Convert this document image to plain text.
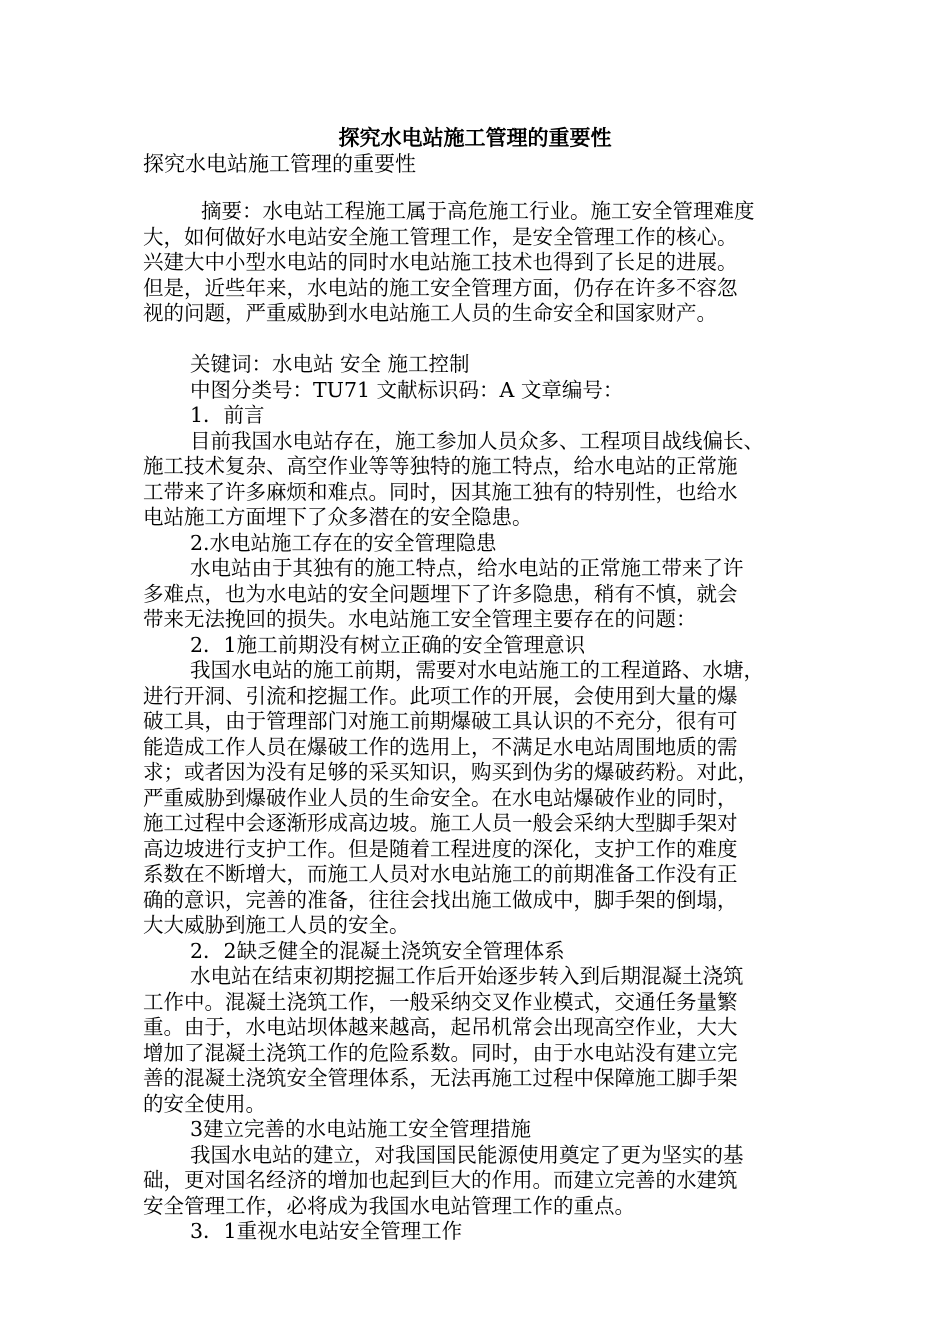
探究水电站施工管理的重要性
探究水电站施工管理的重要性

摘要：水电站工程施工属于高危施工行业。施工安全管理难度

大，如何做好水电站安全施工管理工作，是安全管理工作的核心。

兴建大中小型水电站的同时水电站施工技术也得到了长足的进展。

但是，近些年来，水电站的施工安全管理方面，仍存在许多不容忽

视的问题，严重威胁到水电站施工人员的生命安全和国家财产。

关键词：水电站 安全 施工控制

中图分类号：TU71 文献标识码：A 文章编号：

1．前言

目前我国水电站存在，施工参加人员众多、工程项目战线偏长、

施工技术复杂、高空作业等等独特的施工特点，给水电站的正常施

工带来了许多麻烦和难点。同时，因其施工独有的特别性，也给水

电站施工方面埋下了众多潜在的安全隐患。

2.水电站施工存在的安全管理隐患

水电站由于其独有的施工特点，给水电站的正常施工带来了许

多难点，也为水电站的安全问题埋下了许多隐患，稍有不慎，就会

带来无法挽回的损失。水电站施工安全管理主要存在的问题：

2．1施工前期没有树立正确的安全管理意识

我国水电站的施工前期，需要对水电站施工的工程道路、水塘，

进行开洞、引流和挖掘工作。此项工作的开展，会使用到大量的爆

破工具，由于管理部门对施工前期爆破工具认识的不充分，很有可

能造成工作人员在爆破工作的选用上，不满足水电站周围地质的需

求；或者因为没有足够的采买知识，购买到伪劣的爆破药粉。对此，

严重威胁到爆破作业人员的生命安全。在水电站爆破作业的同时，

施工过程中会逐渐形成高边坡。施工人员一般会采纳大型脚手架对

高边坡进行支护工作。但是随着工程进度的深化，支护工作的难度

系数在不断增大，而施工人员对水电站施工的前期准备工作没有正

确的意识，完善的准备，往往会找出施工做成中，脚手架的倒塌，

大大威胁到施工人员的安全。

2．2缺乏健全的混凝土浇筑安全管理体系

水电站在结束初期挖掘工作后开始逐步转入到后期混凝土浇筑

工作中。混凝土浇筑工作，一般采纳交叉作业模式，交通任务量繁

重。由于，水电站坝体越来越高，起吊机常会出现高空作业，大大

增加了混凝土浇筑工作的危险系数。同时，由于水电站没有建立完

善的混凝土浇筑安全管理体系，无法再施工过程中保障施工脚手架

的安全使用。

3建立完善的水电站施工安全管理措施

我国水电站的建立，对我国国民能源使用奠定了更为坚实的基

础，更对国名经济的增加也起到巨大的作用。而建立完善的水建筑

安全管理工作，必将成为我国水电站管理工作的重点。

3．1重视水电站安全管理工作
